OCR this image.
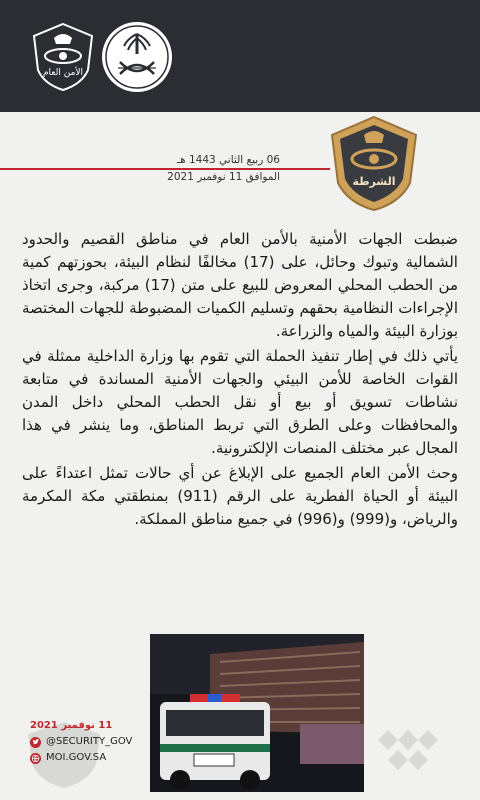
الأمن العام
06 ربيع الثاني 1443 هـ
الموافق 11 نوفمبر 2021	الشرطة

ضبطت الجهات الأمنية بالأمن العام في مناطق القصيم والحدود الشمالية وتبوك وحائل، على (17) مخالفًا لنظام البيئة، بحوزتهم كمية من الحطب المحلي المعروض للبيع على متن (17) مركبة، وجرى اتخاذ الإجراءات النظامية بحقهم وتسليم الكميات المضبوطة للجهات المختصة بوزارة البيئة والمياه والزراعة.

يأتي ذلك في إطار تنفيذ الحملة التي تقوم بها وزارة الداخلية ممثلة في القوات الخاصة للأمن البيئي والجهات الأمنية المساندة في متابعة نشاطات تسويق أو بيع أو نقل الحطب المحلي داخل المدن والمحافظات وعلى الطرق التي تربط المناطق، وما ينشر في هذا المجال عبر مختلف المنصات الإلكترونية.

وحث الأمن العام الجميع على الإبلاغ عن أي حالات تمثل اعتداءً على البيئة أو الحياة الفطرية على الرقم (911) بمنطقتي مكة المكرمة والرياض، و(999) و(996) في جميع مناطق المملكة.

11 نوفمبر 2021
@SECURITY_GOV
MOI.GOV.SA
